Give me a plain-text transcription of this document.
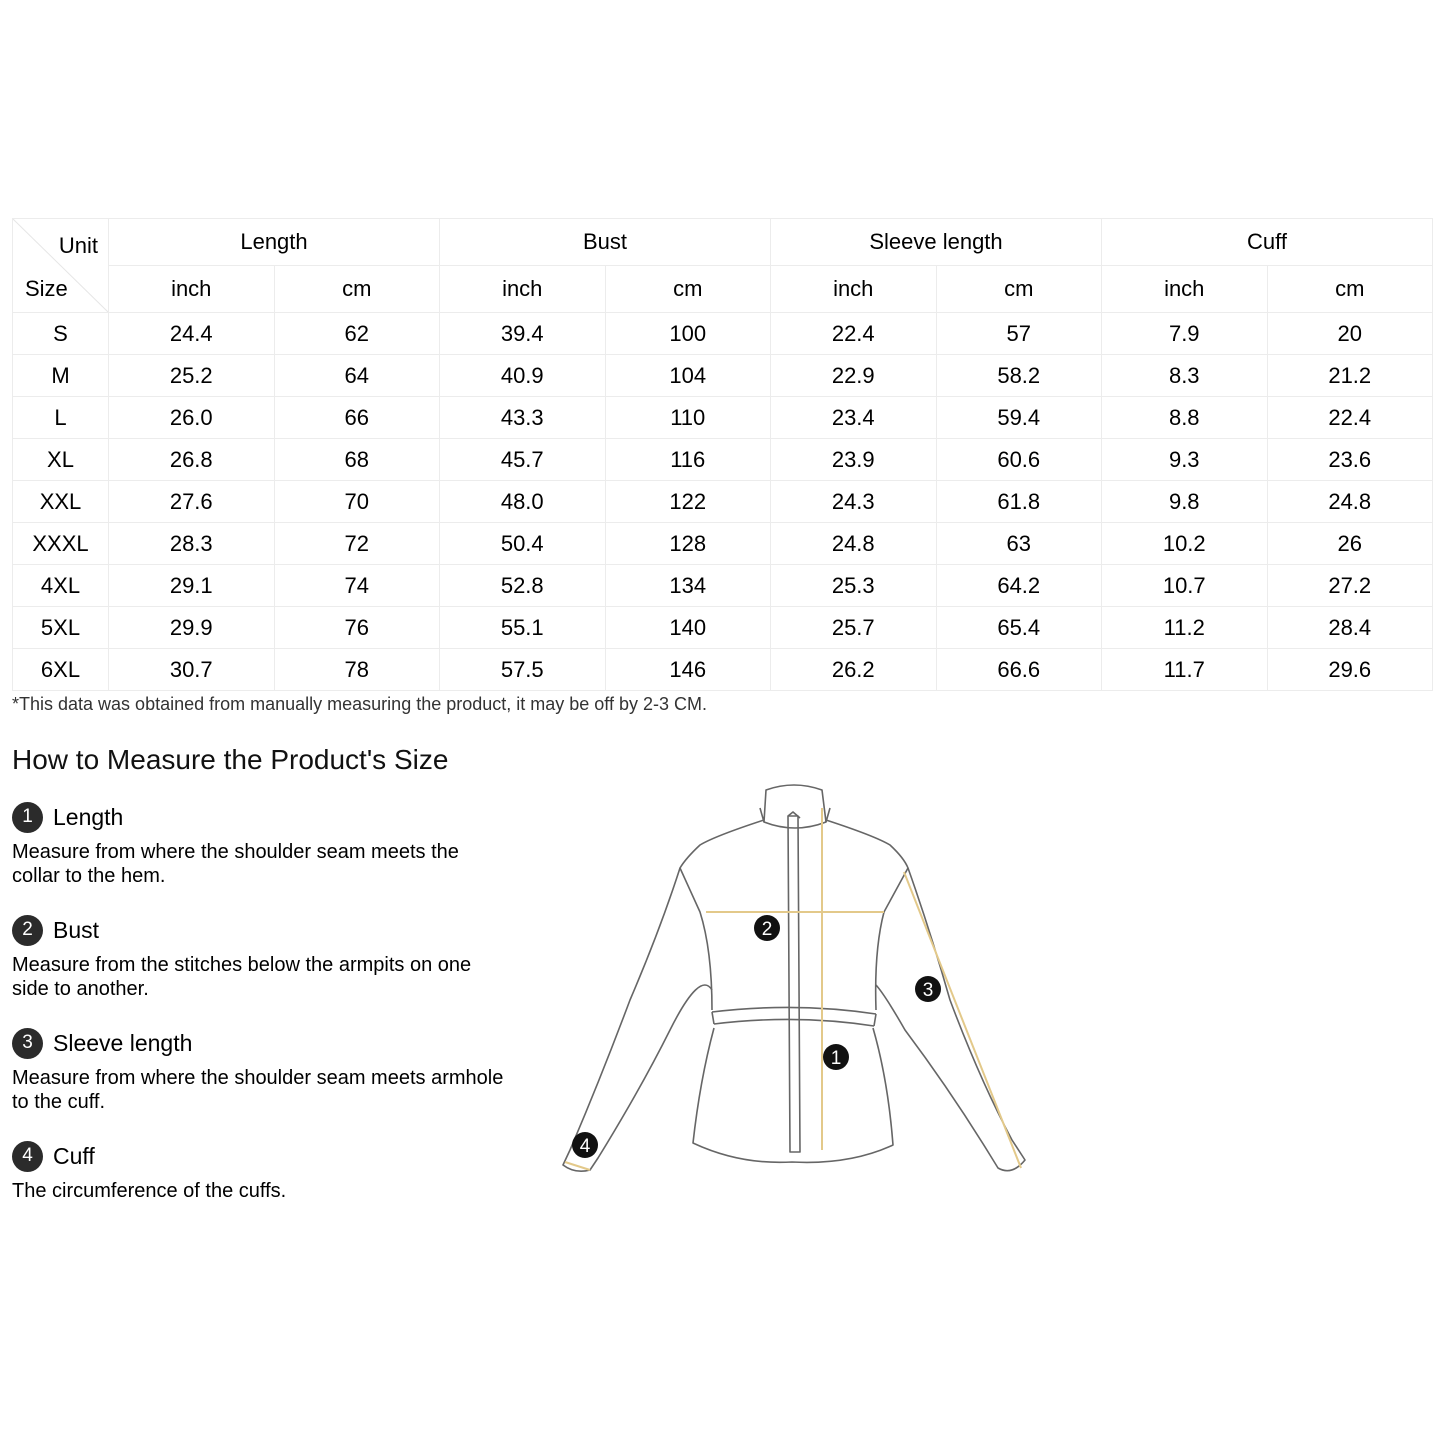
Unit
Size	Length		Bust		Sleeve length		Cuff	
	inch	cm	inch	cm	inch	cm	inch	cm
S	24.4	62	39.4	100	22.4	57	7.9	20
M	25.2	64	40.9	104	22.9	58.2	8.3	21.2
L	26.0	66	43.3	110	23.4	59.4	8.8	22.4
XL	26.8	68	45.7	116	23.9	60.6	9.3	23.6
XXL	27.6	70	48.0	122	24.3	61.8	9.8	24.8
XXXL	28.3	72	50.4	128	24.8	63	10.2	26
4XL	29.1	74	52.8	134	25.3	64.2	10.7	27.2
5XL	29.9	76	55.1	140	25.7	65.4	11.2	28.4
6XL	30.7	78	57.5	146	26.2	66.6	11.7	29.6
*This data was obtained from manually measuring the product, it may be off by 2-3 CM.
How to Measure the Product's Size
1 Length
Measure from where the shoulder seam meets the collar to the hem.
2 Bust
Measure from the stitches below the armpits on one side to another.
3 Sleeve length
Measure from where the shoulder seam meets armhole to the cuff.
4 Cuff
The circumference of the cuffs.
1
2
3
4
